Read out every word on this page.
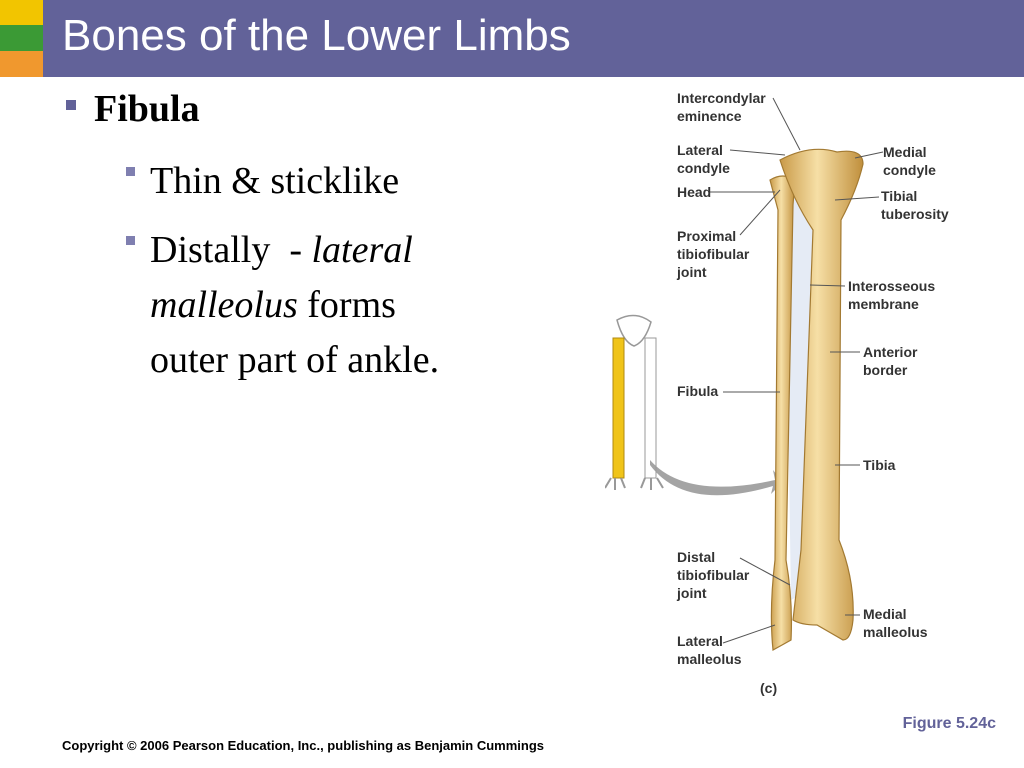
Bones of the Lower Limbs
Fibula
Thin & sticklike
Distally  - lateral
malleolus forms
outer part of ankle.
Intercondylar
eminence
Lateral
condyle
Head
Proximal
tibiofibular
joint
Fibula
Distal
tibiofibular
joint
Lateral
malleolus
Medial
condyle
Tibial
tuberosity
Interosseous
membrane
Anterior
border
Tibia
Medial
malleolus
(c)
Figure 5.24c
Copyright © 2006 Pearson Education, Inc., publishing as Benjamin Cummings
